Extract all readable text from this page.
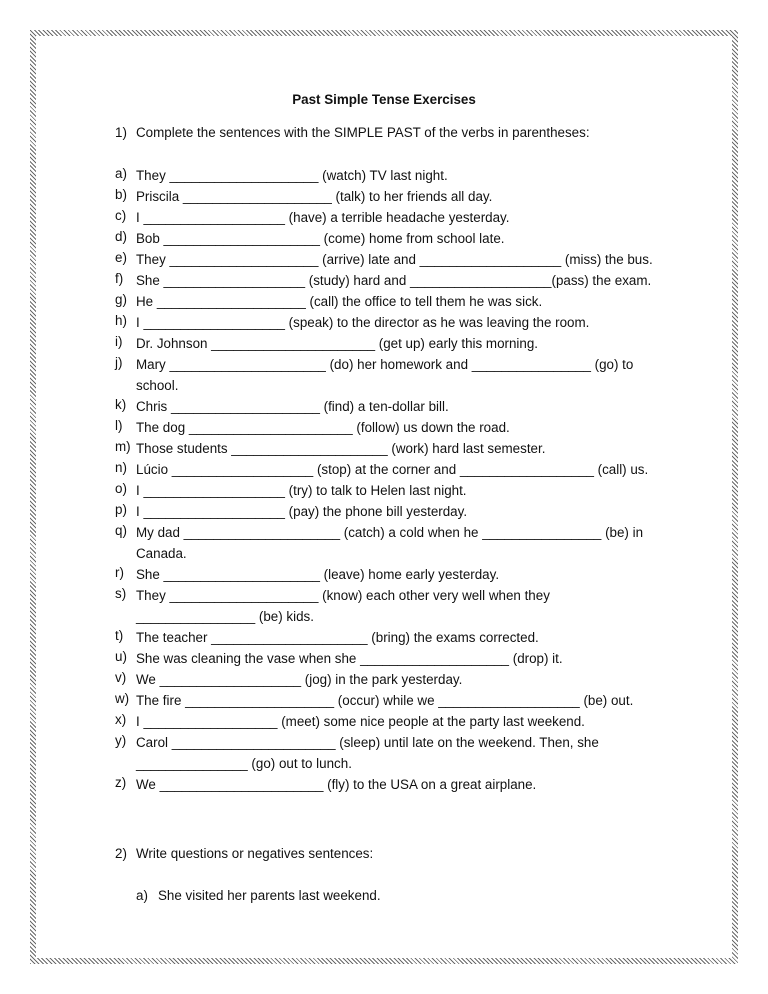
Past Simple Tense Exercises
1) Complete the sentences with the SIMPLE PAST of the verbs in parentheses:
a) They ____________________ (watch) TV last night.
b) Priscila ____________________ (talk) to her friends all day.
c) I ___________________ (have) a terrible headache yesterday.
d) Bob _____________________ (come) home from school late.
e) They ____________________ (arrive) late and ___________________ (miss) the bus.
f) She ___________________ (study) hard and ___________________(pass) the exam.
g) He ____________________ (call) the office to tell them he was sick.
h) I ___________________ (speak) to the director as he was leaving the room.
i) Dr. Johnson ______________________ (get up) early this morning.
j) Mary _____________________ (do) her homework and ________________ (go) to
school.
k) Chris ____________________ (find) a ten-dollar bill.
l) The dog ______________________ (follow) us down the road.
m) Those students _____________________ (work) hard last semester.
n) Lúcio ___________________ (stop) at the corner and __________________ (call) us.
o) I ___________________ (try) to talk to Helen last night.
p) I ___________________ (pay) the phone bill yesterday.
q) My dad _____________________ (catch) a cold when he ________________ (be) in
Canada.
r) She _____________________ (leave) home early yesterday.
s) They ____________________ (know) each other very well when they
________________ (be) kids.
t) The teacher _____________________ (bring) the exams corrected.
u) She was cleaning the vase when she ____________________ (drop) it.
v) We ___________________ (jog) in the park yesterday.
w) The fire ____________________ (occur) while we ___________________ (be) out.
x) I __________________ (meet) some nice people at the party last weekend.
y) Carol ______________________ (sleep) until late on the weekend. Then, she
_______________ (go) out to lunch.
z) We ______________________ (fly) to the USA on a great airplane.
2) Write questions or negatives sentences:
a) She visited her parents last weekend.
